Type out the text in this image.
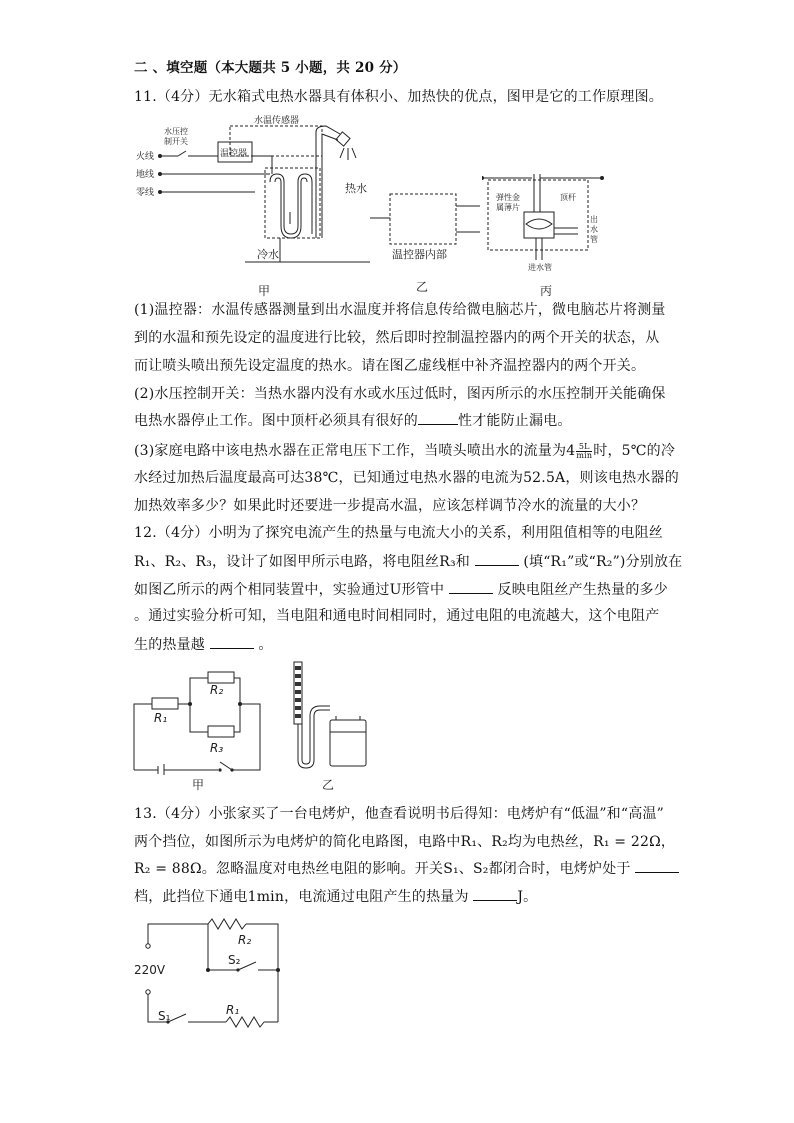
二 、填空题（本大题共 5 小题，共 20 分）
11.（4分）无水箱式电热水器具有体积小、加热快的优点，图甲是它的工作原理图。
水温传感器
水压控
制开关
温控器
火线
地线
零线	热水
冷水
甲
温控器内部
乙
弹性金
属薄片
顶杆
出
水
管
进水管
丙
(1)温控器：水温传感器测量到出水温度并将信息传给微电脑芯片，微电脑芯片将测量
到的水温和预先设定的温度进行比较，然后即时控制温控器内的两个开关的状态，从
而让喷头喷出预先设定温度的热水。请在图乙虚线框中补齐温控器内的两个开关。
(2)水压控制开关：当热水器内没有水或水压过低时，图丙所示的水压控制开关能确保
电热水器停止工作。图中顶杆必须具有很好的	性才能防止漏电。
(3)家庭电路中该电热水器在正常电压下工作，当喷头喷出水的流量为$4 \frac{5L}{\min}$ 时，5℃的冷
水经过加热后温度最高可达38℃，已知通过电热水器的电流为52.5A，则该电热水器的
加热效率多少？如果此时还要进一步提高水温，应该怎样调节冷水的流量的大小？
12.（4分）小明为了探究电流产生的热量与电流大小的关系，利用阻值相等的电阻丝
R₁、R₂、R₃，设计了如图甲所示电路，将电阻丝R₃和	(填“R₁”或“R₂”)分别放在
如图乙所示的两个相同装置中，实验通过U形管中	反映电阻丝产生热量的多少
。通过实验分析可知，当电阻和通电时间相同时，通过电阻的电流越大，这个电阻产
生的热量越	。
R₁
R₂
R₃
甲	乙
13.（4分）小张家买了一台电烤炉，他查看说明书后得知：电烤炉有“低温”和“高温”
两个挡位，如图所示为电烤炉的简化电路图，电路中R₁、R₂均为电热丝，R₁ = 22Ω，
R₂ = 88Ω。忽略温度对电热丝电阻的影响。开关S₁、S₂都闭合时，电烤炉处于
档，此挡位下通电1min，电流通过电阻产生的热量为	J。
220V
R₂
S₂
R₁
S₁
